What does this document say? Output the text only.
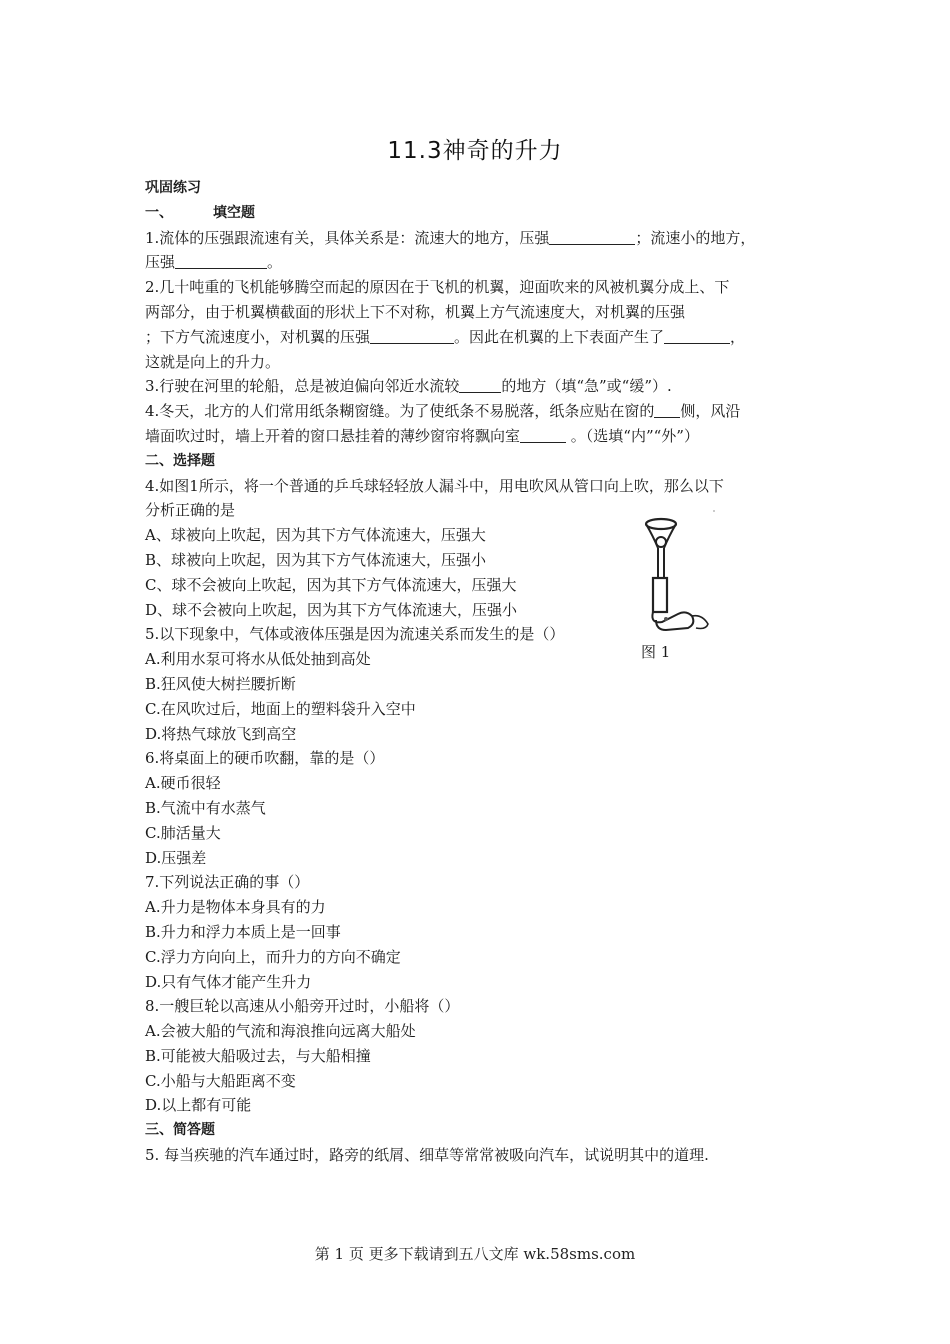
11.3神奇的升力
巩固练习
一、	填空题
1.流体的压强跟流速有关，具体关系是：流速大的地方，压强	；流速小的地方，
压强	。
2.几十吨重的飞机能够腾空而起的原因在于飞机的机翼，迎面吹来的风被机翼分成上、下
两部分，由于机翼横截面的形状上下不对称，机翼上方气流速度大，对机翼的压强
；下方气流速度小，对机翼的压强	。因此在机翼的上下表面产生了	，
这就是向上的升力。
3.行驶在河里的轮船，总是被迫偏向邻近水流较	的地方（填“急”或“缓”）.
4.冬天，北方的人们常用纸条糊窗缝。为了使纸条不易脱落，纸条应贴在窗的 侧，风沿
墙面吹过时，墙上开着的窗口悬挂着的薄纱窗帘将飘向室	。（选填“内”“外”）
二、选择题
4.如图1所示，将一个普通的乒乓球轻轻放人漏斗中，用电吹风从管口向上吹，那么以下
分析正确的是
A、球被向上吹起，因为其下方气体流速大，压强大
B、球被向上吹起，因为其下方气体流速大，压强小
C、球不会被向上吹起，因为其下方气体流速大，压强大
D、球不会被向上吹起，因为其下方气体流速大，压强小
5.以下现象中，气体或液体压强是因为流速关系而发生的是（）
A.利用水泵可将水从低处抽到高处
B.狂风使大树拦腰折断
C.在风吹过后，地面上的塑料袋升入空中
D.将热气球放飞到高空
6.将桌面上的硬币吹翻，靠的是（）
A.硬币很轻
B.气流中有水蒸气
C.肺活量大
D.压强差
7.下列说法正确的事（）
A.升力是物体本身具有的力
B.升力和浮力本质上是一回事
C.浮力方向向上，而升力的方向不确定
D.只有气体才能产生升力
8.一艘巨轮以高速从小船旁开过时，小船将（）
A.会被大船的气流和海浪推向远离大船处
B.可能被大船吸过去，与大船相撞
C.小船与大船距离不变
D.以上都有可能
三、简答题
5. 每当疾驰的汽车通过时，路旁的纸屑、细草等常常被吸向汽车，试说明其中的道理.
图 1
第 1 页 更多下载请到五八文库 wk.58sms.com
